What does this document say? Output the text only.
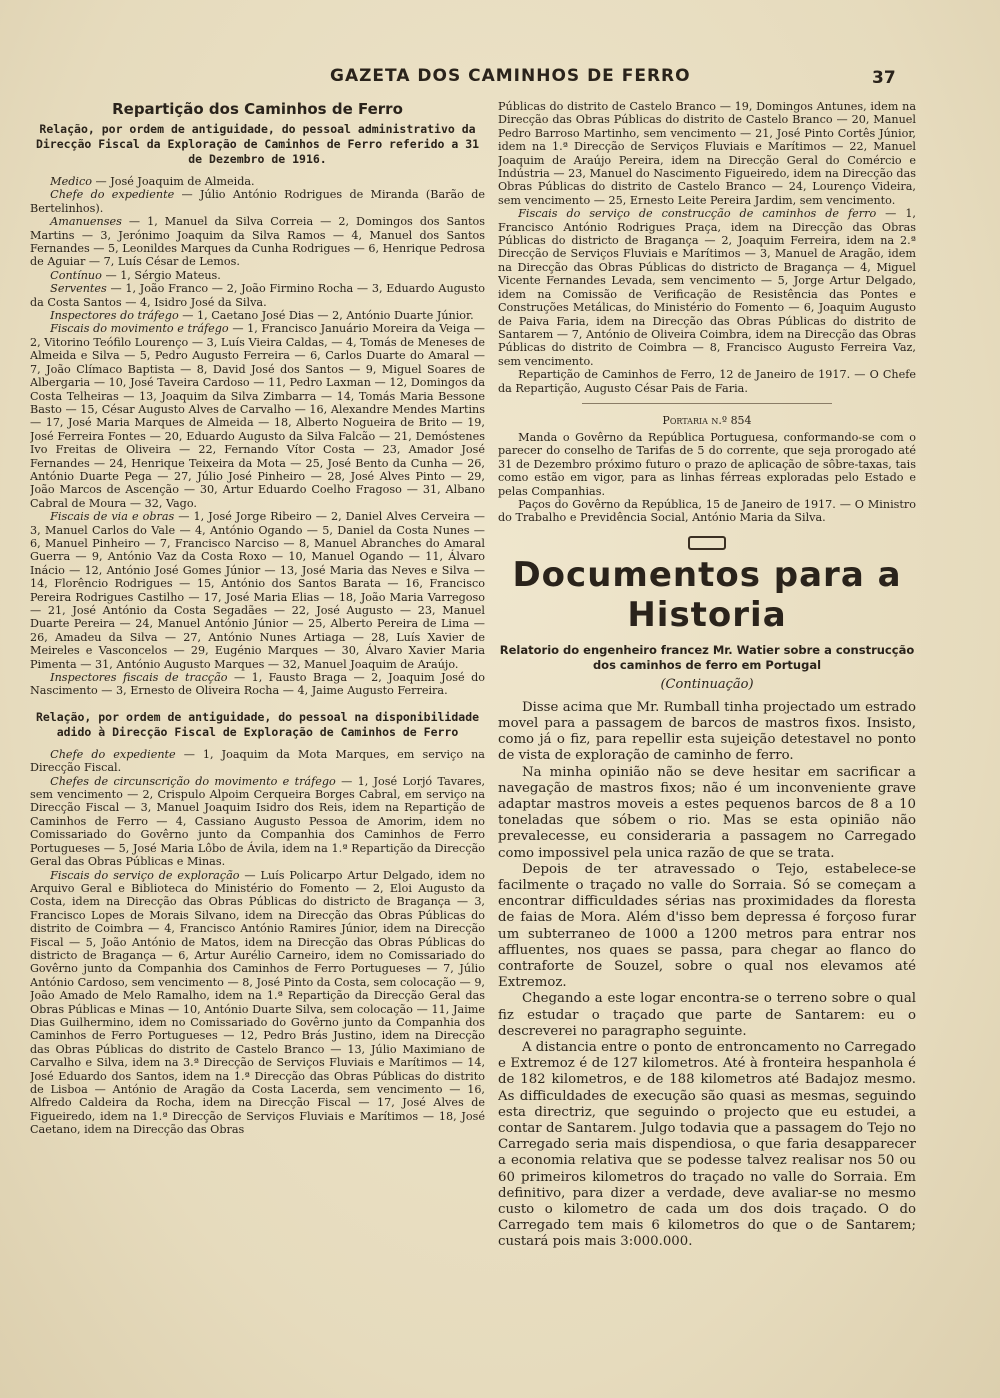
GAZETA DOS CAMINHOS DE FERRO	37
Repartição dos Caminhos de Ferro
Relação, por ordem de antiguidade, do pessoal administrativo da Direcção Fiscal da Exploração de Caminhos de Ferro referido a 31 de Dezembro de 1916.

Medico — José Joaquim de Almeida.

Chefe do expediente — Júlio António Rodrigues de Miranda (Barão de Bertelinhos).

Amanuenses — 1, Manuel da Silva Correia — 2, Domingos dos Santos Martins — 3, Jerónimo Joaquim da Silva Ramos — 4, Manuel dos Santos Fernandes — 5, Leonildes Marques da Cunha Rodrigues — 6, Henrique Pedrosa de Aguiar — 7, Luís César de Lemos.

Contínuo — 1, Sérgio Mateus.

Serventes — 1, João Franco — 2, João Firmino Rocha — 3, Eduardo Augusto da Costa Santos — 4, Isidro José da Silva.

Inspectores do tráfego — 1, Caetano José Dias — 2, António Duarte Júnior.

Fiscais do movimento e tráfego — 1, Francisco Januário Moreira da Veiga — 2, Vitorino Teófilo Lourenço — 3, Luís Vieira Caldas, — 4, Tomás de Meneses de Almeida e Silva — 5, Pedro Augusto Ferreira — 6, Carlos Duarte do Amaral — 7, João Clímaco Baptista — 8, David José dos Santos — 9, Miguel Soares de Albergaria — 10, José Taveira Cardoso — 11, Pedro Laxman — 12, Domingos da Costa Telheiras — 13, Joaquim da Silva Zimbarra — 14, Tomás Maria Bessone Basto — 15, César Augusto Alves de Carvalho — 16, Alexandre Mendes Martins — 17, José Maria Marques de Almeida — 18, Alberto Nogueira de Brito — 19, José Ferreira Fontes — 20, Eduardo Augusto da Silva Falcão — 21, Demóstenes Ivo Freitas de Oliveira — 22, Fernando Vítor Costa — 23, Amador José Fernandes — 24, Henrique Teixeira da Mota — 25, José Bento da Cunha — 26, António Duarte Pega — 27, Júlio José Pinheiro — 28, José Alves Pinto — 29, João Marcos de Ascenção — 30, Artur Eduardo Coelho Fragoso — 31, Albano Cabral de Moura — 32, Vago.

Fiscais de via e obras — 1, José Jorge Ribeiro — 2, Daniel Alves Cerveira — 3, Manuel Carlos do Vale — 4, António Ogando — 5, Daniel da Costa Nunes — 6, Manuel Pinheiro — 7, Francisco Narciso — 8, Manuel Abranches do Amaral Guerra — 9, António Vaz da Costa Roxo — 10, Manuel Ogando — 11, Álvaro Inácio — 12, António José Gomes Júnior — 13, José Maria das Neves e Silva — 14, Florêncio Rodrigues — 15, António dos Santos Barata — 16, Francisco Pereira Rodrigues Castilho — 17, José Maria Elias — 18, João Maria Varregoso — 21, José António da Costa Segadães — 22, José Augusto — 23, Manuel Duarte Pereira — 24, Manuel António Júnior — 25, Alberto Pereira de Lima — 26, Amadeu da Silva — 27, António Nunes Artiaga — 28, Luís Xavier de Meireles e Vasconcelos — 29, Eugénio Marques — 30, Álvaro Xavier Maria Pimenta — 31, António Augusto Marques — 32, Manuel Joaquim de Araújo.

Inspectores fiscais de tracção — 1, Fausto Braga — 2, Joaquim José do Nascimento — 3, Ernesto de Oliveira Rocha — 4, Jaime Augusto Ferreira.

Relação, por ordem de antiguidade, do pessoal na disponibilidade adido à Direcção Fiscal de Exploração de Caminhos de Ferro

Chefe do expediente — 1, Joaquim da Mota Marques, em serviço na Direcção Fiscal.

Chefes de circunscrição do movimento e tráfego — 1, José Lorjó Tavares, sem vencimento — 2, Crispulo Alpoim Cerqueira Borges Cabral, em serviço na Direcção Fiscal — 3, Manuel Joaquim Isidro dos Reis, idem na Repartição de Caminhos de Ferro — 4, Cassiano Augusto Pessoa de Amorim, idem no Comissariado do Govêrno junto da Companhia dos Caminhos de Ferro Portugueses — 5, José Maria Lôbo de Ávila, idem na 1.ª Repartição da Direcção Geral das Obras Públicas e Minas.

Fiscais do serviço de exploração — Luís Policarpo Artur Delgado, idem no Arquivo Geral e Biblioteca do Ministério do Fomento — 2, Eloi Augusto da Costa, idem na Direcção das Obras Públicas do districto de Bragança — 3, Francisco Lopes de Morais Silvano, idem na Direcção das Obras Públicas do distrito de Coimbra — 4, Francisco António Ramires Júnior, idem na Direcção Fiscal — 5, João António de Matos, idem na Direcção das Obras Públicas do districto de Bragança — 6, Artur Aurélio Carneiro, idem no Comissariado do Govêrno junto da Companhia dos Caminhos de Ferro Portugueses — 7, Júlio António Cardoso, sem vencimento — 8, José Pinto da Costa, sem colocação — 9, João Amado de Melo Ramalho, idem na 1.ª Repartição da Direcção Geral das Obras Públicas e Minas — 10, António Duarte Silva, sem colocação — 11, Jaime Dias Guilhermino, idem no Comissariado do Govêrno junto da Companhia dos Caminhos de Ferro Portugueses — 12, Pedro Brás Justino, idem na Direcção das Obras Públicas do distrito de Castelo Branco — 13, Júlio Maximiano de Carvalho e Silva, idem na 3.ª Direcção de Serviços Fluviais e Marítimos — 14, José Eduardo dos Santos, idem na 1.ª Direcção das Obras Públicas do distrito de Lisboa — António de Aragão da Costa Lacerda, sem vencimento — 16, Alfredo Caldeira da Rocha, idem na Direcção Fiscal — 17, José Alves de Figueiredo, idem na 1.ª Direcção de Serviços Fluviais e Marítimos — 18, José Caetano, idem na Direcção das Obras

Públicas do distrito de Castelo Branco — 19, Domingos Antunes, idem na Direcção das Obras Públicas do distrito de Castelo Branco — 20, Manuel Pedro Barroso Martinho, sem vencimento — 21, José Pinto Cortês Júnior, idem na 1.ª Direcção de Serviços Fluviais e Marítimos — 22, Manuel Joaquim de Araújo Pereira, idem na Direcção Geral do Comércio e Indústria — 23, Manuel do Nascimento Figueiredo, idem na Direcção das Obras Públicas do distrito de Castelo Branco — 24, Lourenço Videira, sem vencimento — 25, Ernesto Leite Pereira Jardim, sem vencimento.

Fiscais do serviço de construcção de caminhos de ferro — 1, Francisco António Rodrigues Praça, idem na Direcção das Obras Públicas do districto de Bragança — 2, Joaquim Ferreira, idem na 2.ª Direcção de Serviços Fluviais e Marítimos — 3, Manuel de Aragão, idem na Direcção das Obras Públicas do districto de Bragança — 4, Miguel Vicente Fernandes Levada, sem vencimento — 5, Jorge Artur Delgado, idem na Comissão de Verificação de Resistência das Pontes e Construções Metálicas, do Ministério do Fomento — 6, Joaquim Augusto de Paiva Faria, idem na Direcção das Obras Públicas do distrito de Santarem — 7, António de Oliveira Coimbra, idem na Direcção das Obras Públicas do distrito de Coimbra — 8, Francisco Augusto Ferreira Vaz, sem vencimento.

Repartição de Caminhos de Ferro, 12 de Janeiro de 1917. — O Chefe da Repartição, Augusto César Pais de Faria.

Portaria n.º 854

Manda o Govêrno da República Portuguesa, conformando-se com o parecer do conselho de Tarifas de 5 do corrente, que seja prorogado até 31 de Dezembro próximo futuro o prazo de aplicação de sôbre-taxas, tais como estão em vigor, para as linhas férreas exploradas pelo Estado e pelas Companhias.

Paços do Govêrno da República, 15 de Janeiro de 1917. — O Ministro do Trabalho e Previdência Social, António Maria da Silva.

Documentos para a Historia
Relatorio do engenheiro francez Mr. Watier sobre a construcção dos caminhos de ferro em Portugal
(Continuação)

Disse acima que Mr. Rumball tinha projectado um estrado movel para a passagem de barcos de mastros fixos. Insisto, como já o fiz, para repellir esta sujeição detestavel no ponto de vista de exploração de caminho de ferro.

Na minha opinião não se deve hesitar em sacrificar a navegação de mastros fixos; não é um inconveniente grave adaptar mastros moveis a estes pequenos barcos de 8 a 10 toneladas que sóbem o rio. Mas se esta opinião não prevalecesse, eu consideraria a passagem no Carregado como impossivel pela unica razão de que se trata.

Depois de ter atravessado o Tejo, estabelece-se facilmente o traçado no valle do Sorraia. Só se começam a encontrar difficuldades sérias nas proximidades da floresta de faias de Mora. Além d'isso bem depressa é forçoso furar um subterraneo de 1000 a 1200 metros para entrar nos affluentes, nos quaes se passa, para chegar ao flanco do contraforte de Souzel, sobre o qual nos elevamos até Extremoz.

Chegando a este logar encontra-se o terreno sobre o qual fiz estudar o traçado que parte de Santarem: eu o descreverei no paragrapho seguinte.

A distancia entre o ponto de entroncamento no Carregado e Extremoz é de 127 kilometros. Até à fronteira hespanhola é de 182 kilometros, e de 188 kilometros até Badajoz mesmo. As difficuldades de execução são quasi as mesmas, seguindo esta directriz, que seguindo o projecto que eu estudei, a contar de Santarem. Julgo todavia que a passagem do Tejo no Carregado seria mais dispendiosa, o que faria desapparecer a economia relativa que se podesse talvez realisar nos 50 ou 60 primeiros kilometros do traçado no valle do Sorraia. Em definitivo, para dizer a verdade, deve avaliar-se no mesmo custo o kilometro de cada um dos dois traçado. O do Carregado tem mais 6 kilometros do que o de Santarem; custará pois mais 3:000.000.
